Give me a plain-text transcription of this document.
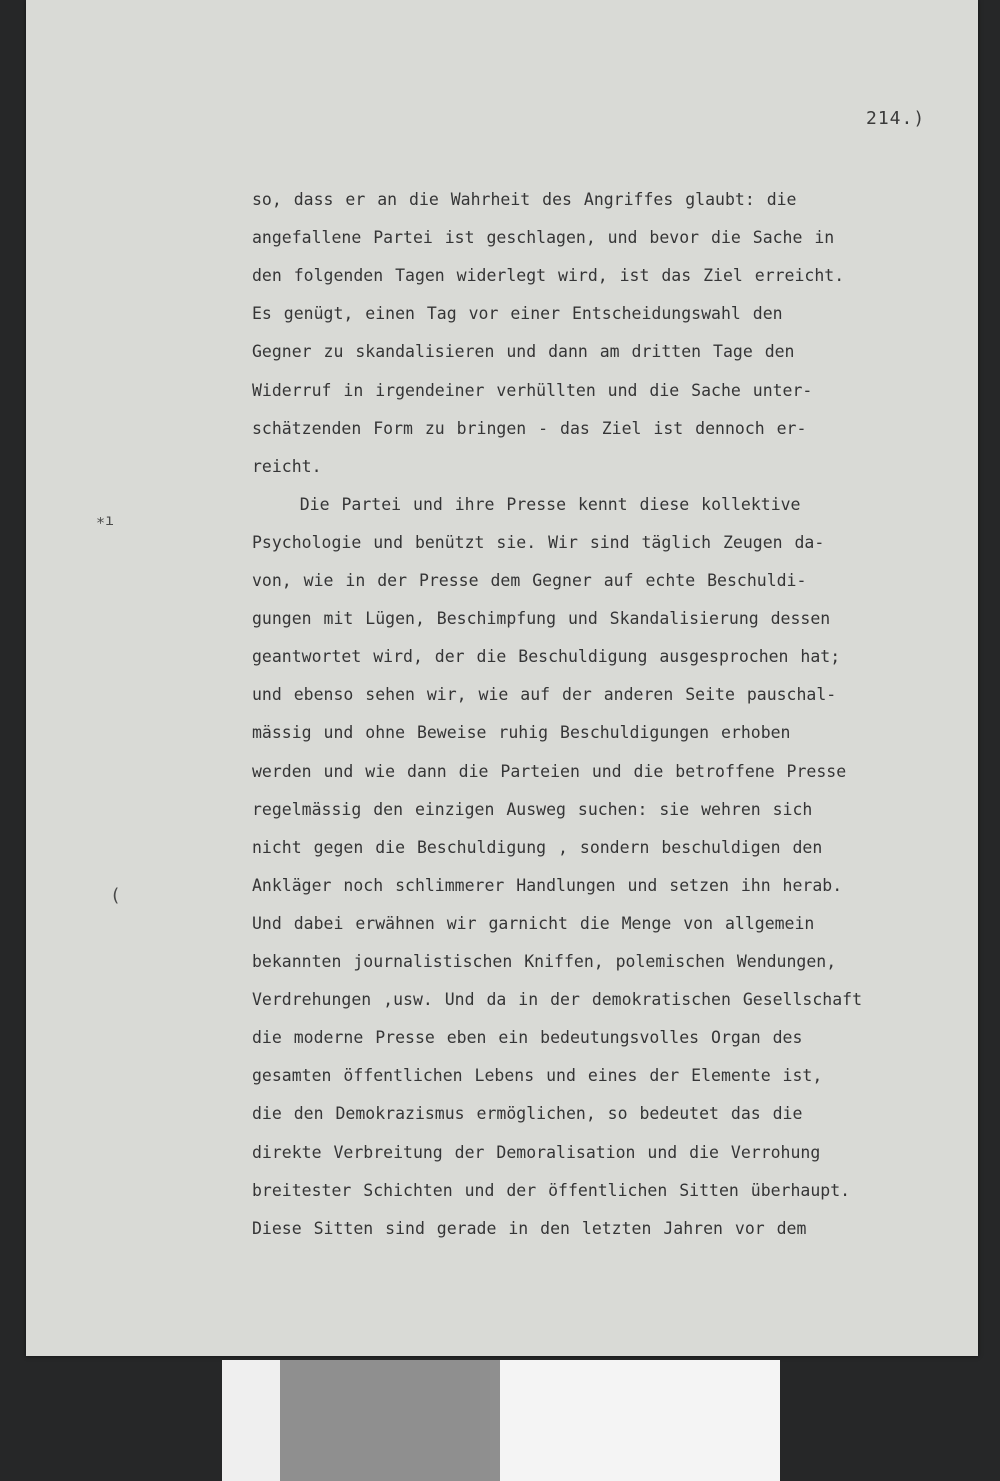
214.)
∗ı
(
so, dass er an die Wahrheit des Angriffes glaubt: die
angefallene Partei ist geschlagen, und bevor die Sache in
den folgenden Tagen widerlegt wird, ist das Ziel erreicht.
Es genügt, einen Tag vor einer Entscheidungswahl den
Gegner zu skandalisieren und dann am dritten Tage den
Widerruf in irgendeiner verhüllten und die Sache unter-
schätzenden Form zu bringen - das Ziel ist dennoch er-
reicht.
Die Partei und ihre Presse kennt diese kollektive
Psychologie und benützt sie. Wir sind täglich Zeugen da-
von, wie in der Presse dem Gegner auf echte Beschuldi-
gungen mit Lügen, Beschimpfung und Skandalisierung dessen
geantwortet wird, der die Beschuldigung ausgesprochen hat;
und ebenso sehen wir, wie auf der anderen Seite pauschal-
mässig und ohne Beweise ruhig Beschuldigungen erhoben
werden und wie dann die Parteien und die betroffene Presse
regelmässig den einzigen Ausweg suchen: sie wehren sich
nicht gegen die Beschuldigung , sondern beschuldigen den
Ankläger noch schlimmerer Handlungen und setzen ihn herab.
Und dabei erwähnen wir garnicht die Menge von allgemein
bekannten journalistischen Kniffen, polemischen Wendungen,
Verdrehungen ,usw. Und da in der demokratischen Gesellschaft
die moderne Presse eben ein bedeutungsvolles Organ des
gesamten öffentlichen Lebens und eines der Elemente ist,
die den Demokrazismus ermöglichen, so bedeutet das die
direkte Verbreitung der Demoralisation und die Verrohung
breitester Schichten und der öffentlichen Sitten überhaupt.
Diese Sitten sind gerade in den letzten Jahren vor dem
